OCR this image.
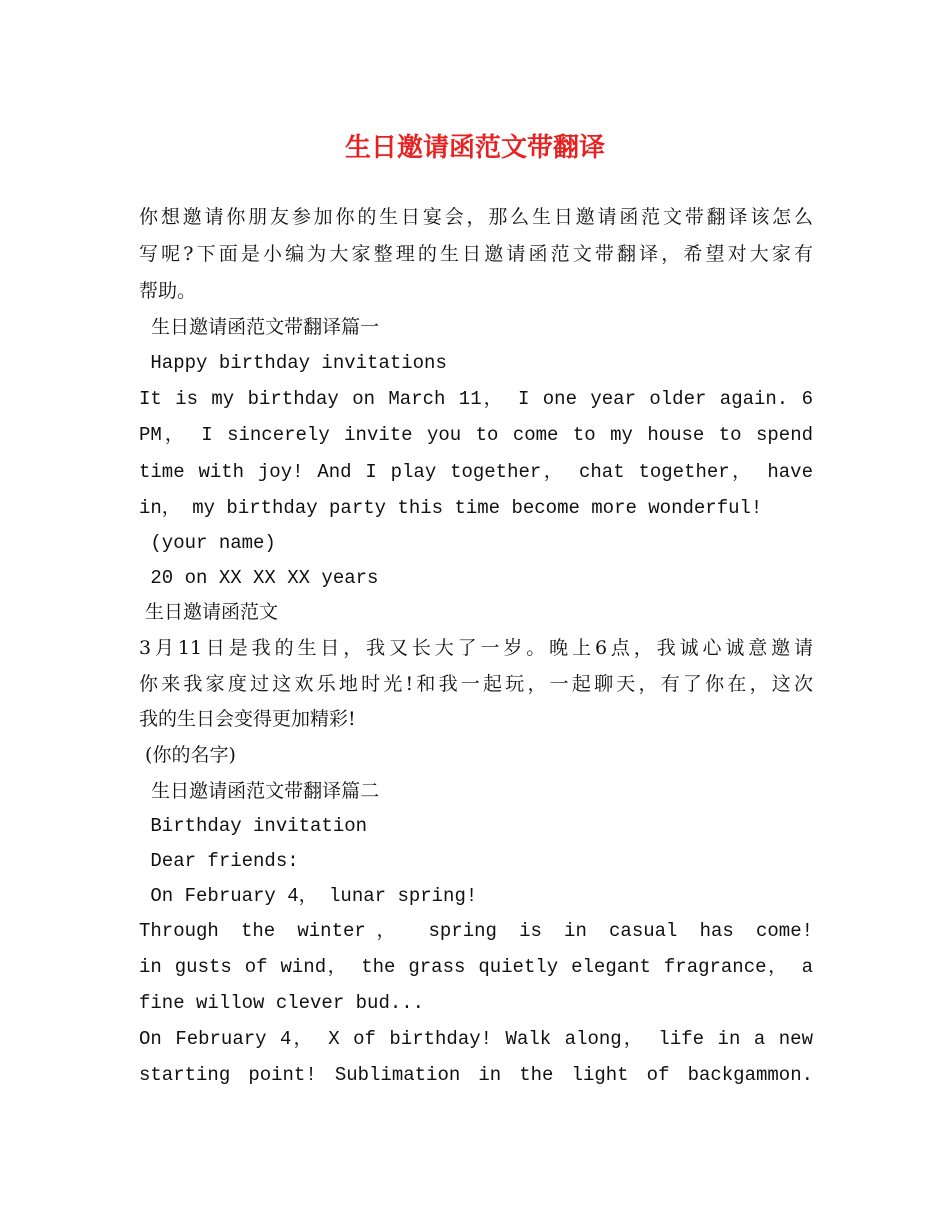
生日邀请函范文带翻译

你想邀请你朋友参加你的生日宴会，那么生日邀请函范文带翻译该怎么

写呢?下面是小编为大家整理的生日邀请函范文带翻译，希望对大家有

帮助。

生日邀请函范文带翻译篇一

Happy birthday invitations

It is my birthday on March 11， I one year older again. 6

PM， I sincerely invite you to come to my house to spend

time with joy! And I play together， chat together， have

in， my birthday party this time become more wonderful!

(your name)

20 on XX XX XX years

生日邀请函范文

3月11日是我的生日，我又长大了一岁。晚上6点，我诚心诚意邀请

你来我家度过这欢乐地时光!和我一起玩，一起聊天，有了你在，这次

我的生日会变得更加精彩!

(你的名字)

生日邀请函范文带翻译篇二

Birthday invitation

Dear friends:

On February 4， lunar spring!

Through the winter， spring is in casual has come!

in gusts of wind， the grass quietly elegant fragrance， a

fine willow clever bud...

On February 4， X of birthday! Walk along， life in a new

starting point! Sublimation in the light of backgammon.
